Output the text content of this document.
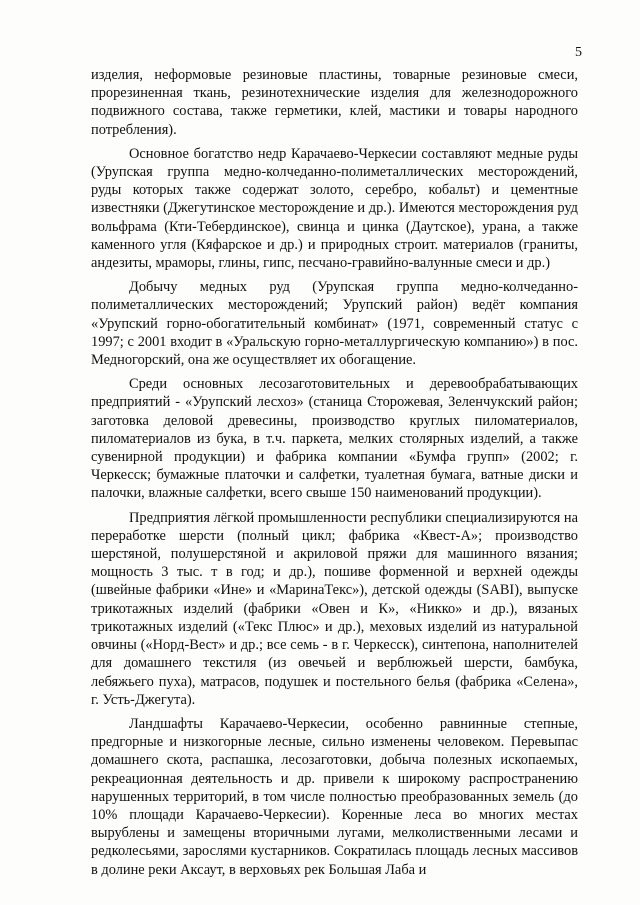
5

изделия, неформовые резиновые пластины, товарные резиновые смеси, прорезиненная ткань, резинотехнические изделия для железнодорожного подвижного состава, также герметики, клей, мастики и товары народного потребления).

Основное богатство недр Карачаево-Черкесии составляют медные руды (Урупская группа медно-колчеданно-полиметаллических месторождений, руды которых также содержат золото, серебро, кобальт) и цементные известняки (Джегутинское месторождение и др.). Имеются месторождения руд вольфрама (Кти-Тебердинское), свинца и цинка (Даутское), урана, а также каменного угля (Кяфарское и др.) и природных строит. материалов (граниты, андезиты, мраморы, глины, гипс, песчано-гравийно-валунные смеси и др.)

Добычу медных руд (Урупская группа медно-колчеданно-полиметаллических месторождений; Урупский район) ведёт компания «Урупский горно-обогатительный комбинат» (1971, современный статус с 1997; с 2001 входит в «Уральскую горно-металлургическую компанию») в пос. Медногорский, она же осуществляет их обогащение.

Среди основных лесозаготовительных и деревообрабатывающих предприятий - «Урупский лесхоз» (станица Сторожевая, Зеленчукский район; заготовка деловой древесины, производство круглых пиломатериалов, пиломатериалов из бука, в т.ч. паркета, мелких столярных изделий, а также сувенирной продукции) и фабрика компании «Бумфа групп» (2002; г. Черкесск; бумажные платочки и салфетки, туалетная бумага, ватные диски и палочки, влажные салфетки, всего свыше 150 наименований продукции).

Предприятия лёгкой промышленности республики специализируются на переработке шерсти (полный цикл; фабрика «Квест-А»; производство шерстяной, полушерстяной и акриловой пряжи для машинного вязания; мощность 3 тыс. т в год; и др.), пошиве форменной и верхней одежды (швейные фабрики «Ине» и «МаринаТекс»), детской одежды (SABI), выпуске трикотажных изделий (фабрики «Овен и К», «Никко» и др.), вязаных трикотажных изделий («Текс Плюс» и др.), меховых изделий из натуральной овчины («Норд-Вест» и др.; все семь - в г. Черкесск), синтепона, наполнителей для домашнего текстиля (из овечьей и верблюжьей шерсти, бамбука, лебяжьего пуха), матрасов, подушек и постельного белья (фабрика «Селена», г. Усть-Джегута).

Ландшафты Карачаево-Черкесии, особенно равнинные степные, предгорные и низкогорные лесные, сильно изменены человеком. Перевыпас домашнего скота, распашка, лесозаготовки, добыча полезных ископаемых, рекреационная деятельность и др. привели к широкому распространению нарушенных территорий, в том числе полностью преобразованных земель (до 10% площади Карачаево-Черкесии). Коренные леса во многих местах вырублены и замещены вторичными лугами, мелколиственными лесами и редколесьями, зарослями кустарников. Сократилась площадь лесных массивов в долине реки Аксаут, в верховьях рек Большая Лаба и
